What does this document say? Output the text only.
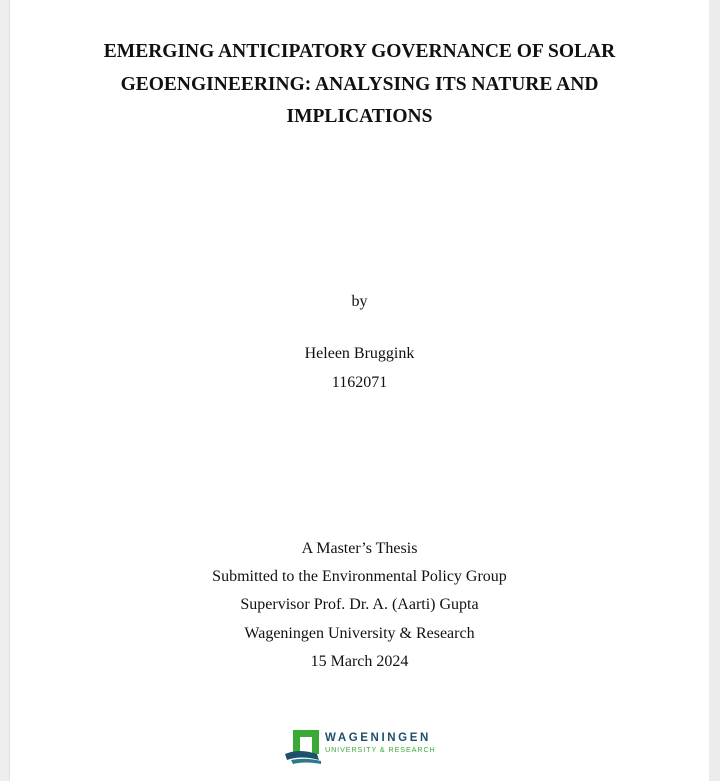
EMERGING ANTICIPATORY GOVERNANCE OF SOLAR
GEOENGINEERING: ANALYSING ITS NATURE AND
IMPLICATIONS
by
Heleen Bruggink
1162071
A Master’s Thesis
Submitted to the Environmental Policy Group
Supervisor Prof. Dr. A. (Aarti) Gupta
Wageningen University & Research
15 March 2024
WAGENINGEN
UNIVERSITY & RESEARCH
